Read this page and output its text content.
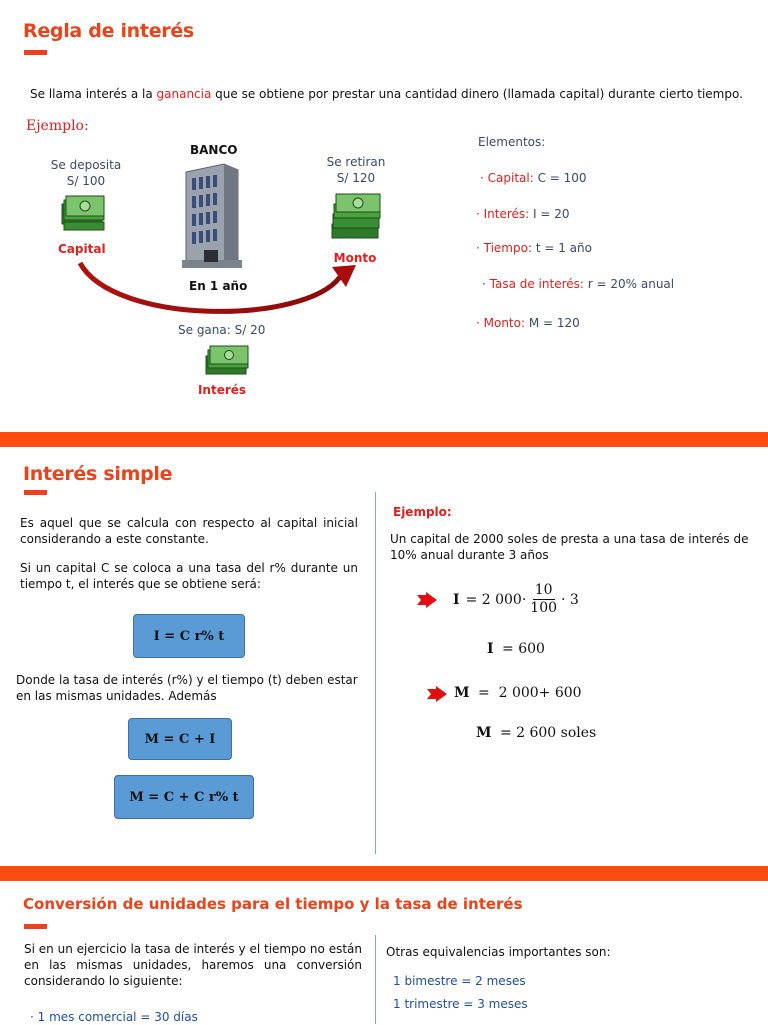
Regla de interés
Se llama interés a la ganancia que se obtiene por prestar una cantidad dinero (llamada capital) durante cierto tiempo.
Ejemplo:
Se deposita
S/ 100
Capital
BANCO
En 1 año
Se retiran
S/ 120
Monto
Se gana: S/ 20
Interés
Elementos:
· Capital: C = 100
· Interés: I = 20
· Tiempo: t = 1 año
· Tasa de interés: r = 20% anual
· Monto: M = 120
Interés simple
Es aquel que se calcula con respecto al capital inicial considerando a este constante.
Si un capital C se coloca a una tasa del r% durante un tiempo t, el interés que se obtiene será:
I = C r% t
Donde la tasa de interés (r%) y el tiempo (t) deben estar en las mismas unidades. Además
M = C + I
M = C + C r% t
Ejemplo:
Un capital de 2000 soles de presta a una tasa de interés de 10% anual durante 3 años
I = 2 $000\cdot \frac{10}{100} \cdot 3$
I = 600
M =  2 000+ 600
M = 2 600 soles
Conversión de unidades para el tiempo y la tasa de interés
Si en un ejercicio la tasa de interés y el tiempo no están en las mismas unidades, haremos una conversión considerando lo siguiente:
· 1 mes comercial = 30 días
Otras equivalencias importantes son:
1 bimestre = 2 meses
1 trimestre = 3 meses
